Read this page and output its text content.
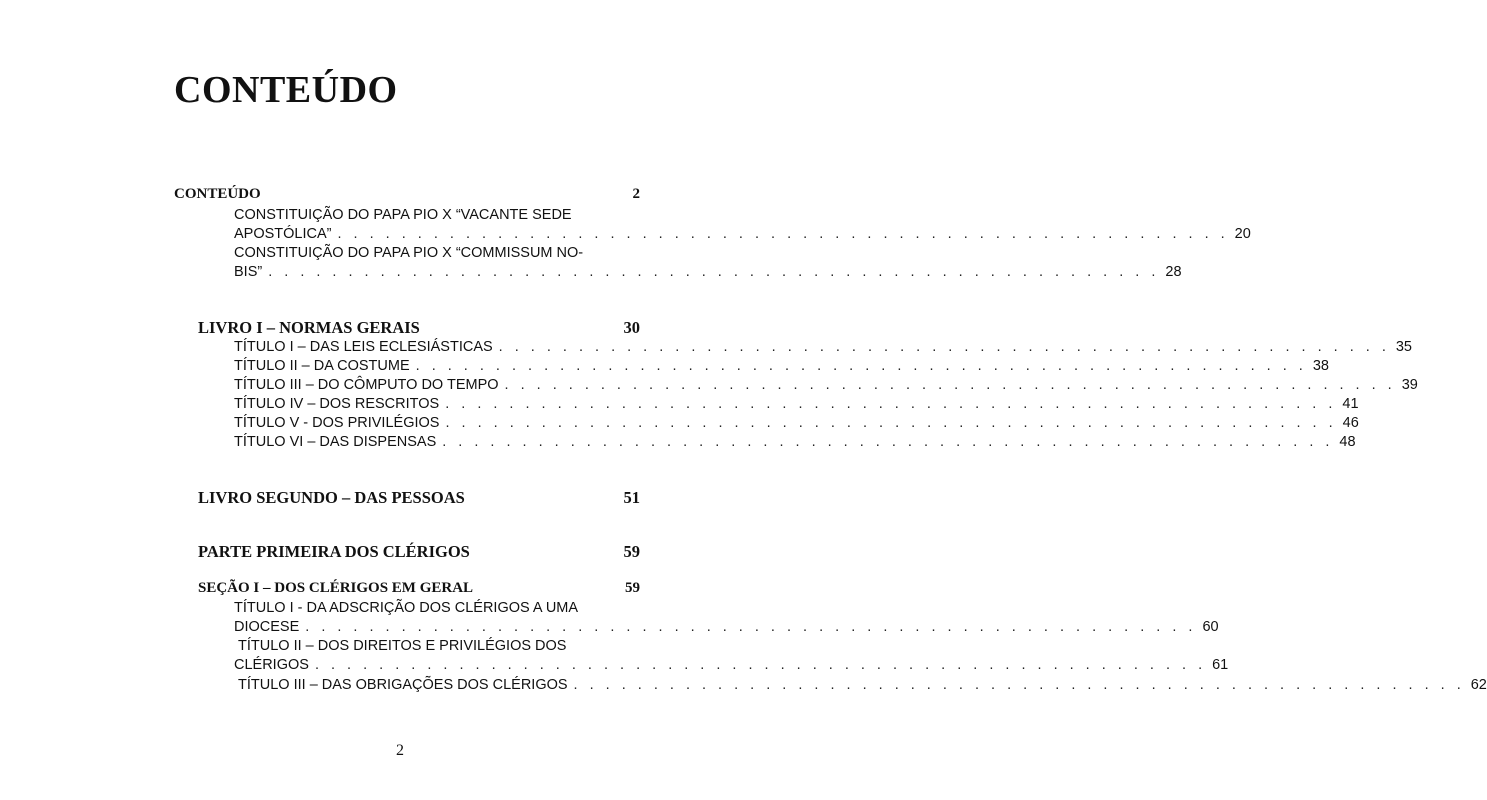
CONTEÚDO
CONTEÚDO	2
CONSTITUIÇÃO DO PAPA PIO X “VACANTE SEDE
APOSTÓLICA” . . . . . . . . . . . . . . . . . . . . . . . . . . . . . . . . . . . . . . . . . . . . . . . . . . . . . . . . 20
CONSTITUIÇÃO DO PAPA PIO X “COMMISSUM NO-
BIS” . . . . . . . . . . . . . . . . . . . . . . . . . . . . . . . . . . . . . . . . . . . . . . . . . . . . . . . . 28
LIVRO I – NORMAS GERAIS	30
TÍTULO I – DAS LEIS ECLESIÁSTICAS . . . . . . . . . . . . . . . . . . . . . . . . . . . . . . . . . . . . . . . . . . . . . . . . . . . . . . . . 35
TÍTULO II – DA COSTUME . . . . . . . . . . . . . . . . . . . . . . . . . . . . . . . . . . . . . . . . . . . . . . . . . . . . . . . . 38
TÍTULO III – DO CÔMPUTO DO TEMPO . . . . . . . . . . . . . . . . . . . . . . . . . . . . . . . . . . . . . . . . . . . . . . . . . . . . . . . . 39
TÍTULO IV – DOS RESCRITOS . . . . . . . . . . . . . . . . . . . . . . . . . . . . . . . . . . . . . . . . . . . . . . . . . . . . . . . . 41
TÍTULO V - DOS PRIVILÉGIOS . . . . . . . . . . . . . . . . . . . . . . . . . . . . . . . . . . . . . . . . . . . . . . . . . . . . . . . . 46
TÍTULO VI – DAS DISPENSAS . . . . . . . . . . . . . . . . . . . . . . . . . . . . . . . . . . . . . . . . . . . . . . . . . . . . . . . . 48
LIVRO SEGUNDO – DAS PESSOAS	51
PARTE PRIMEIRA DOS CLÉRIGOS	59
SEÇÃO I – DOS CLÉRIGOS EM GERAL	59
TÍTULO I - DA ADSCRIÇÃO DOS CLÉRIGOS A UMA
DIOCESE . . . . . . . . . . . . . . . . . . . . . . . . . . . . . . . . . . . . . . . . . . . . . . . . . . . . . . . . 60
TÍTULO II – DOS DIREITOS E PRIVILÉGIOS DOS
CLÉRIGOS . . . . . . . . . . . . . . . . . . . . . . . . . . . . . . . . . . . . . . . . . . . . . . . . . . . . . . . . 61
TÍTULO III – DAS OBRIGAÇÕES DOS CLÉRIGOS . . . . . . . . . . . . . . . . . . . . . . . . . . . . . . . . . . . . . . . . . . . . . . . . . . . . . . . . 62
2
